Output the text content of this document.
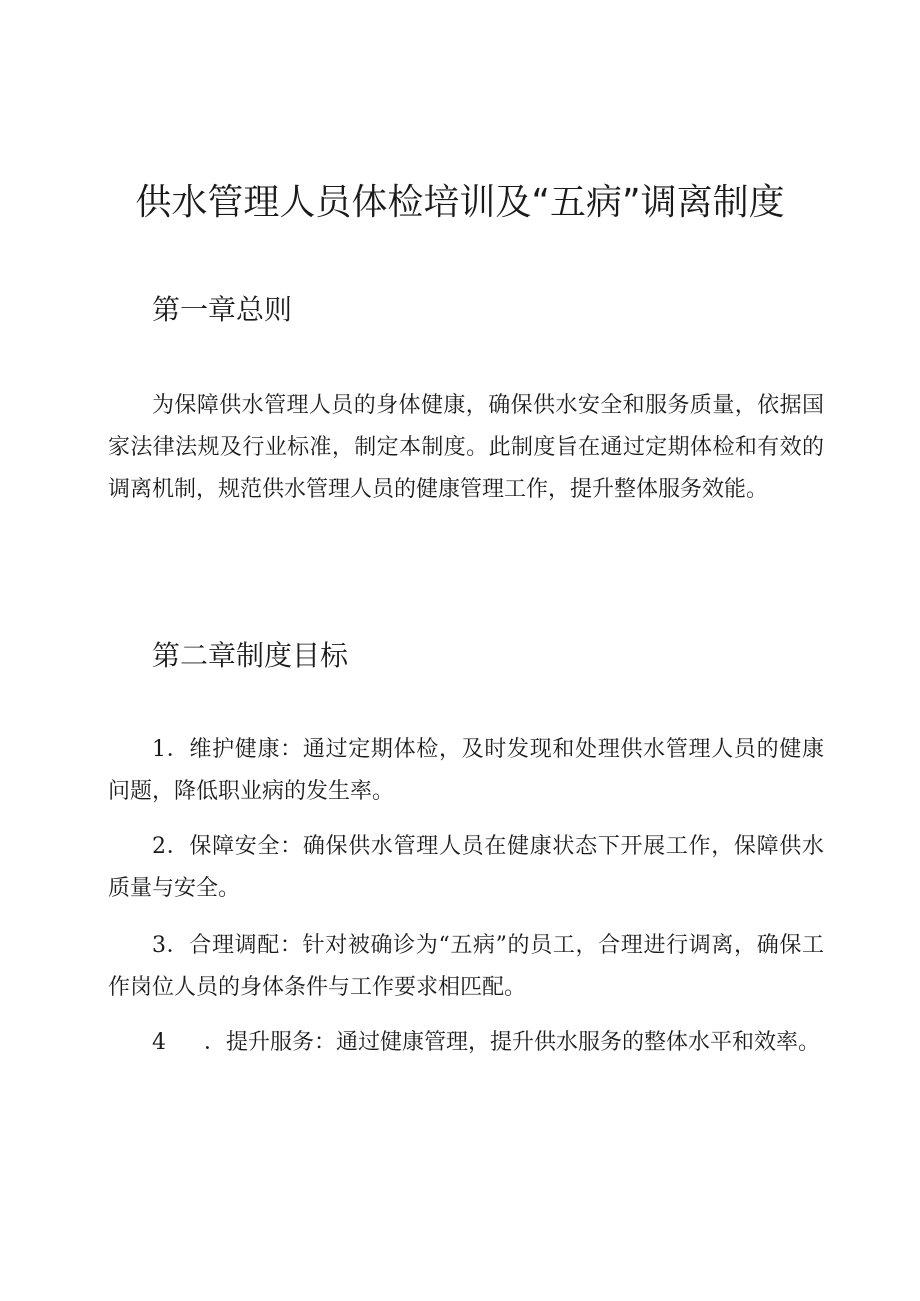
供水管理人员体检培训及“五病”调离制度
第一章总则
为保障供水管理人员的身体健康，确保供水安全和服务质量，依据国家法律法规及行业标准，制定本制度。此制度旨在通过定期体检和有效的调离机制，规范供水管理人员的健康管理工作，提升整体服务效能。
第二章制度目标
1．维护健康：通过定期体检，及时发现和处理供水管理人员的健康问题，降低职业病的发生率。
2．保障安全：确保供水管理人员在健康状态下开展工作，保障供水质量与安全。
3．合理调配：针对被确诊为“五病”的员工，合理进行调离，确保工作岗位人员的身体条件与工作要求相匹配。
4 ．提升服务：通过健康管理，提升供水服务的整体水平和效率。
